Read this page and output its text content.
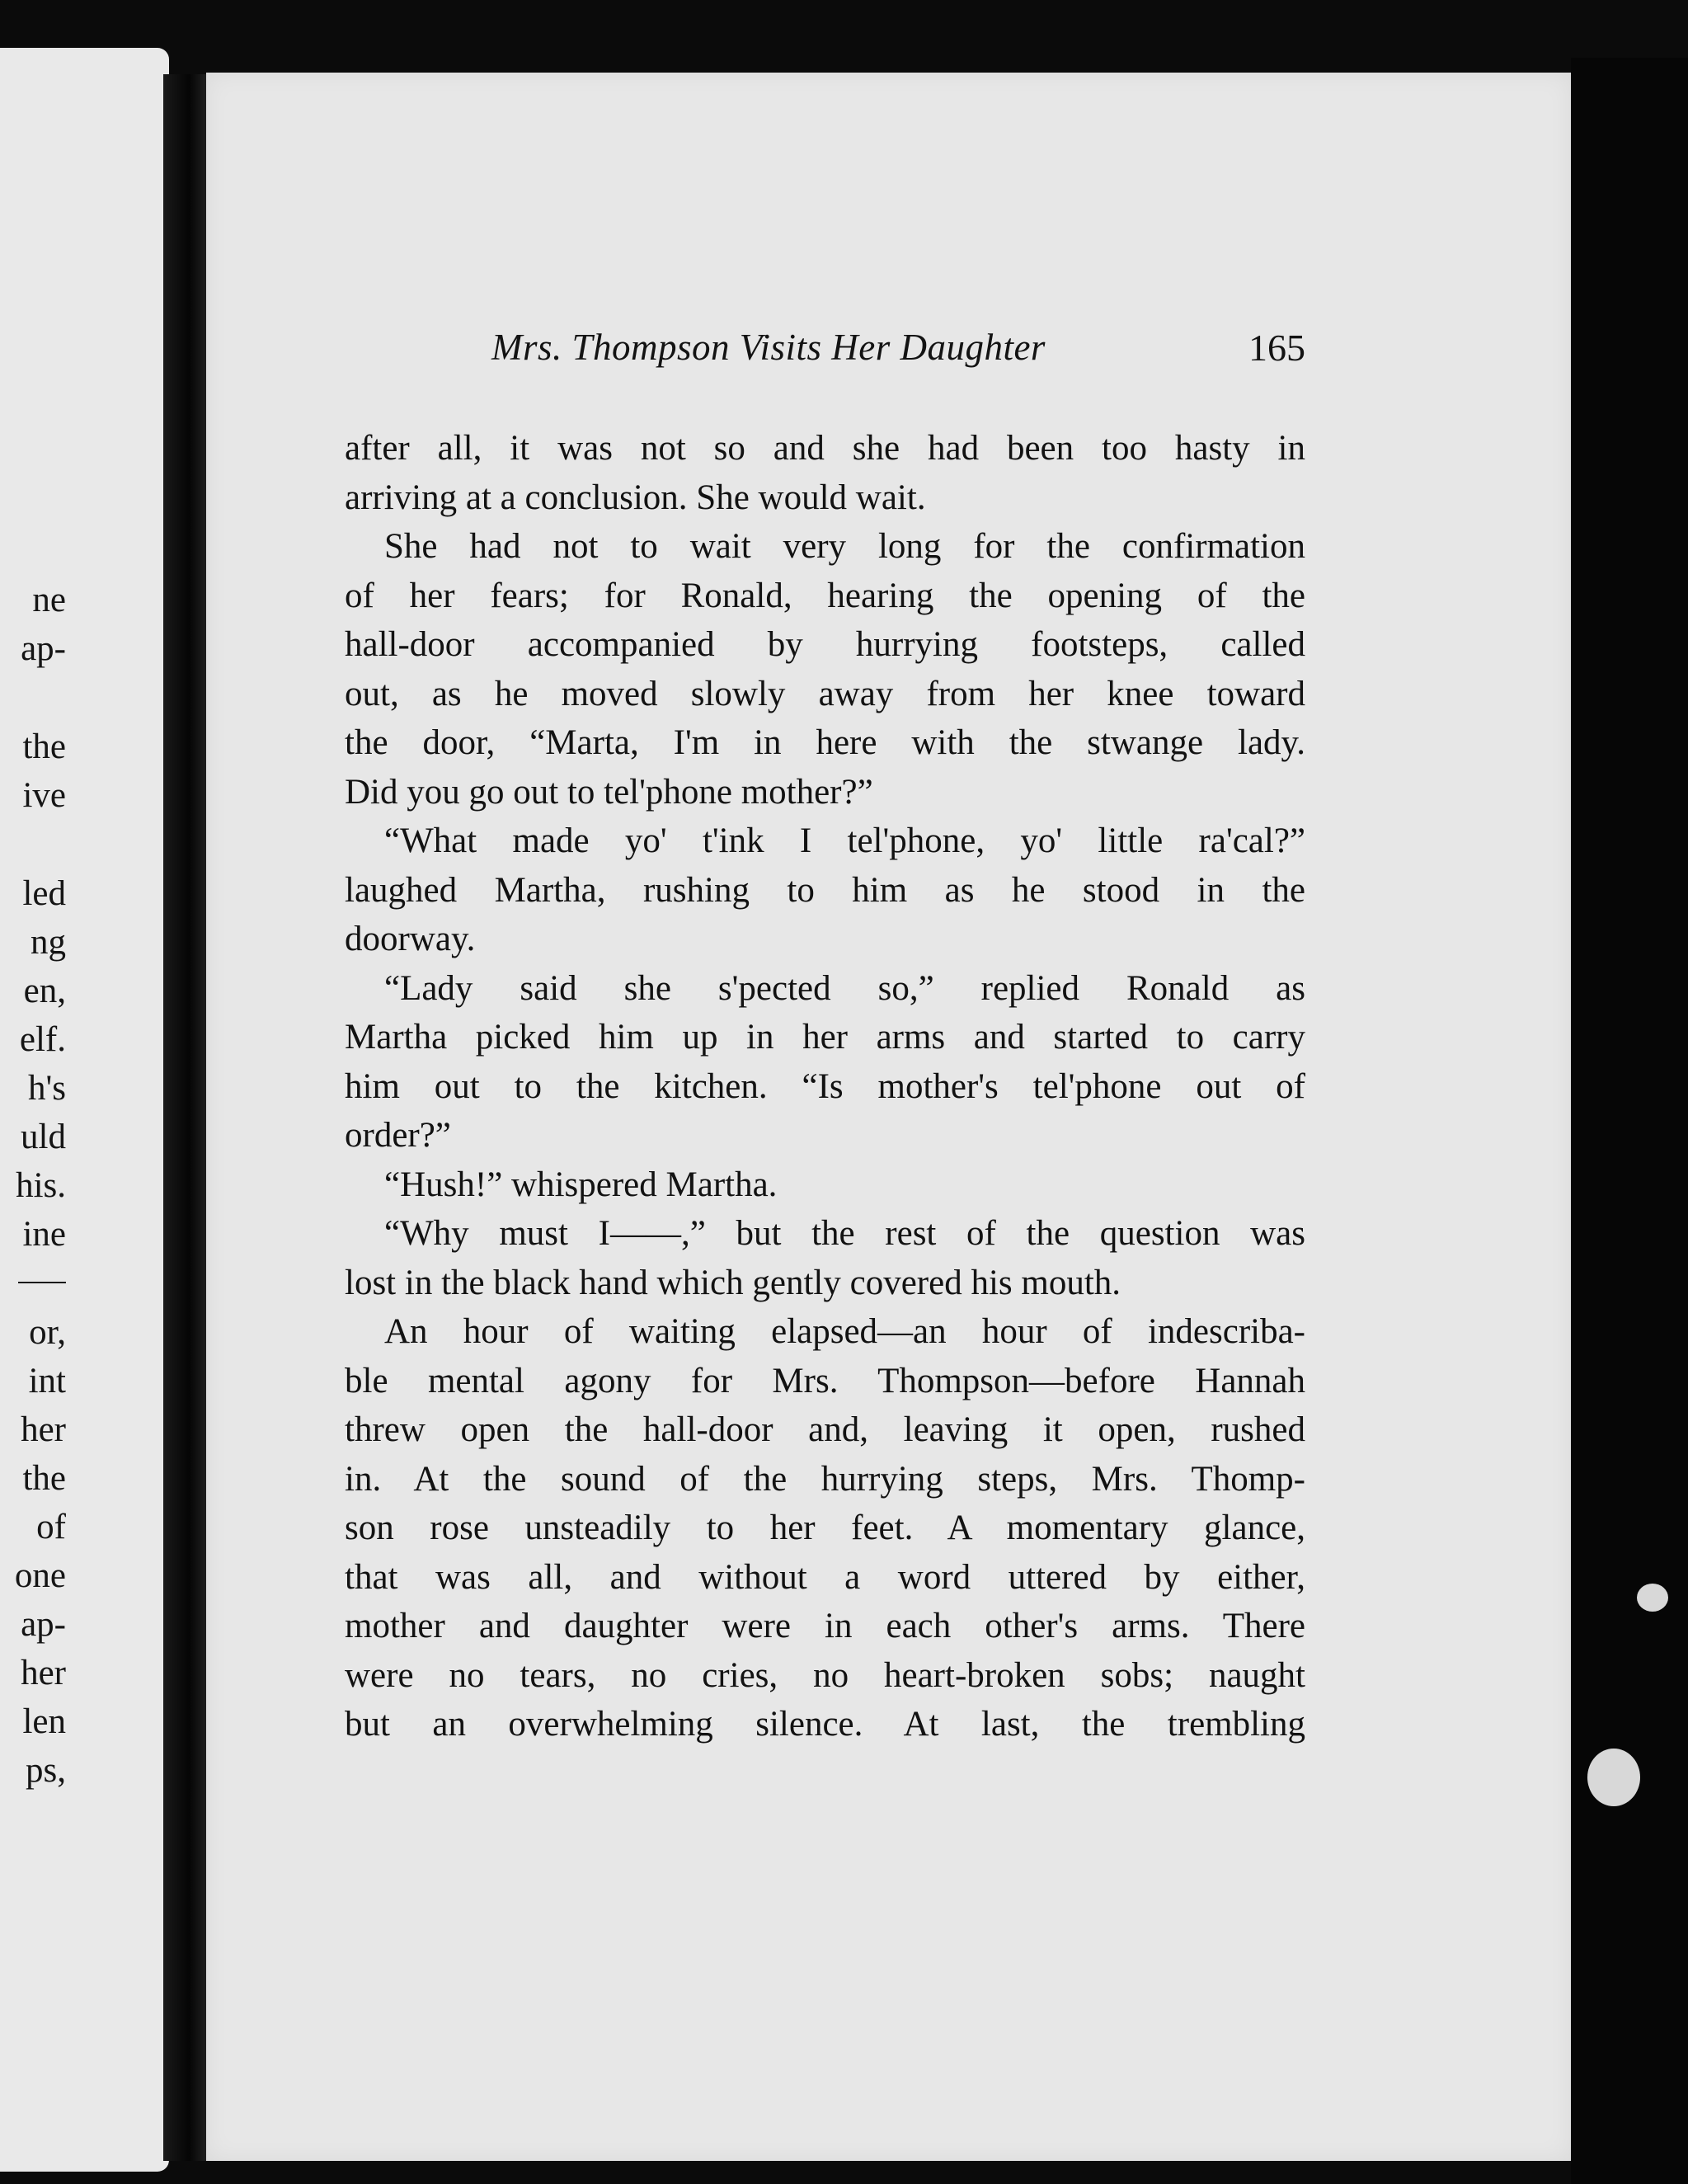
ne
ap-
the
ive
led
ng
en,
elf.
h's
uld
his.
ine
or,
int
her
the
of
one
ap-
her
len
ps,
Mrs. Thompson Visits Her Daughter	165
after all, it was not so and she had been too hasty in
arriving at a conclusion. She would wait.
She had not to wait very long for the confirmation
of her fears; for Ronald, hearing the opening of the
hall-door accompanied by hurrying footsteps, called
out, as he moved slowly away from her knee toward
the door, “Marta, I'm in here with the stwange lady.
Did you go out to tel'phone mother?”
“What made yo' t'ink I tel'phone, yo' little ra'cal?”
laughed Martha, rushing to him as he stood in the
doorway.
“Lady said she s'pected so,” replied Ronald as
Martha picked him up in her arms and started to carry
him out to the kitchen. “Is mother's tel'phone out of
order?”
“Hush!” whispered Martha.
“Why must I——,” but the rest of the question was
lost in the black hand which gently covered his mouth.
An hour of waiting elapsed—an hour of indescriba-
ble mental agony for Mrs. Thompson—before Hannah
threw open the hall-door and, leaving it open, rushed
in. At the sound of the hurrying steps, Mrs. Thomp-
son rose unsteadily to her feet. A momentary glance,
that was all, and without a word uttered by either,
mother and daughter were in each other's arms. There
were no tears, no cries, no heart-broken sobs; naught
but an overwhelming silence. At last, the trembling
